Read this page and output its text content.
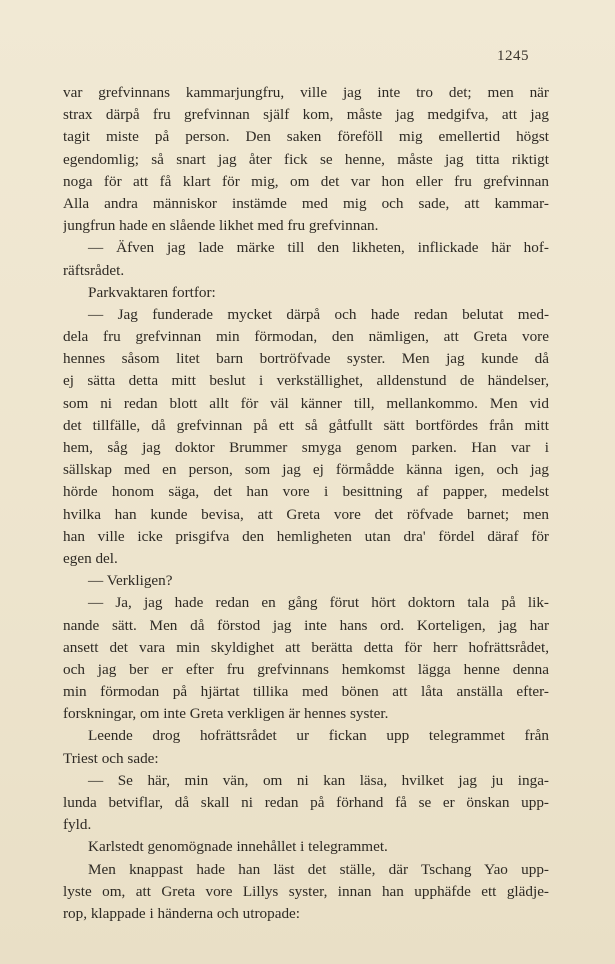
1245
var grefvinnans kammarjungfru, ville jag inte tro det; men när
strax därpå fru grefvinnan själf kom, måste jag medgifva, att jag
tagit miste på person. Den saken föreföll mig emellertid högst
egendomlig; så snart jag åter fick se henne, måste jag titta riktigt
noga för att få klart för mig, om det var hon eller fru grefvinnan
Alla andra människor instämde med mig och sade, att kammar-
jungfrun hade en slående likhet med fru grefvinnan.
— Äfven jag lade märke till den likheten, inflickade här hof-
räftsrådet.
Parkvaktaren fortfor:
— Jag funderade mycket därpå och hade redan belutat med-
dela fru grefvinnan min förmodan, den nämligen, att Greta vore
hennes såsom litet barn bortröfvade syster. Men jag kunde då
ej sätta detta mitt beslut i verkställighet, alldenstund de händelser,
som ni redan blott allt för väl känner till, mellankommo. Men vid
det tillfälle, då grefvinnan på ett så gåtfullt sätt bortfördes från mitt
hem, såg jag doktor Brummer smyga genom parken. Han var i
sällskap med en person, som jag ej förmådde känna igen, och jag
hörde honom säga, det han vore i besittning af papper, medelst
hvilka han kunde bevisa, att Greta vore det röfvade barnet; men
han ville icke prisgifva den hemligheten utan dra' fördel däraf för
egen del.
— Verkligen?
— Ja, jag hade redan en gång förut hört doktorn tala på lik-
nande sätt. Men då förstod jag inte hans ord. Korteligen, jag har
ansett det vara min skyldighet att berätta detta för herr hofrättsrådet,
och jag ber er efter fru grefvinnans hemkomst lägga henne denna
min förmodan på hjärtat tillika med bönen att låta anställa efter-
forskningar, om inte Greta verkligen är hennes syster.
Leende drog hofrättsrådet ur fickan upp telegrammet från
Triest och sade:
— Se här, min vän, om ni kan läsa, hvilket jag ju inga-
lunda betviflar, då skall ni redan på förhand få se er önskan upp-
fyld.
Karlstedt genomögnade innehållet i telegrammet.
Men knappast hade han läst det ställe, där Tschang Yao upp-
lyste om, att Greta vore Lillys syster, innan han upphäfde ett glädje-
rop, klappade i händerna och utropade:
